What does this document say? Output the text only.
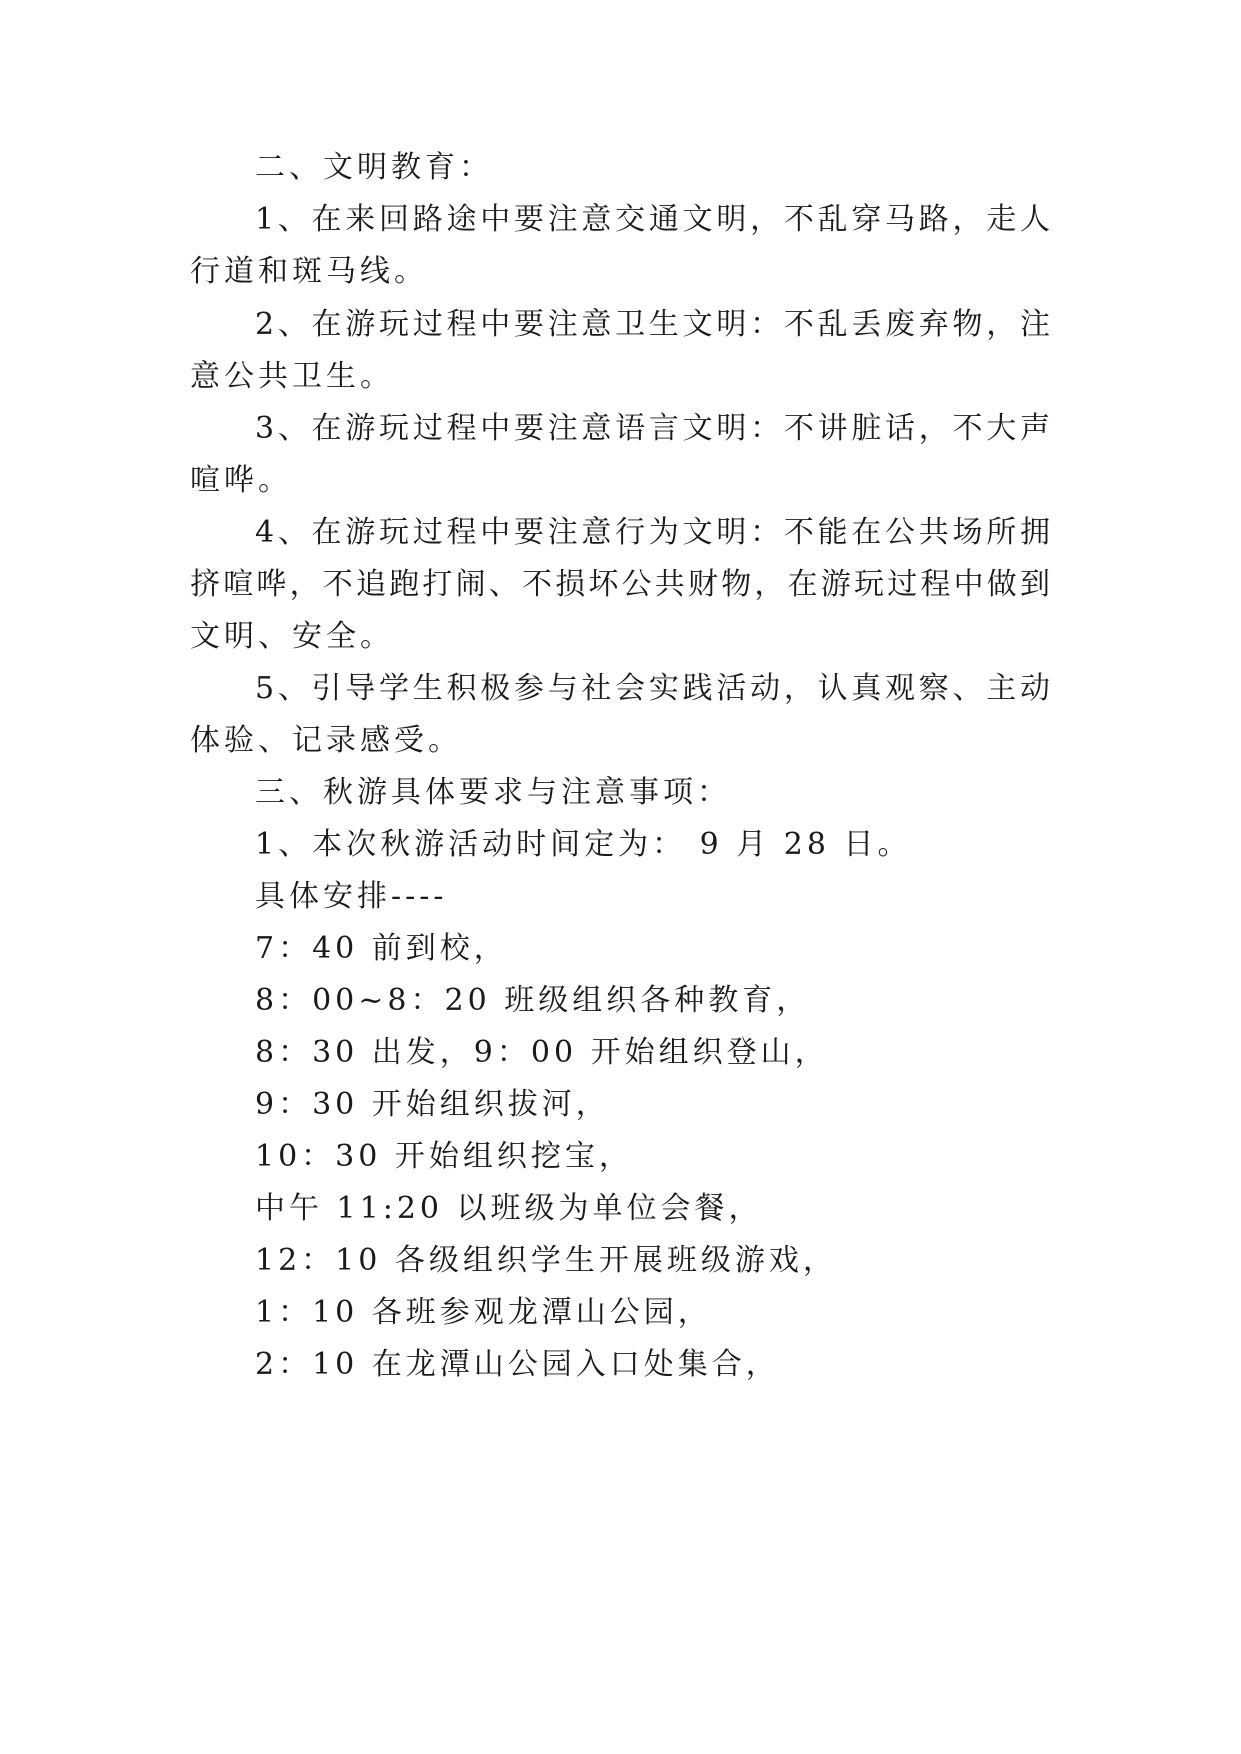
二、文明教育：
1、在来回路途中要注意交通文明，不乱穿马路，走人
行道和斑马线。
2、在游玩过程中要注意卫生文明：不乱丢废弃物，注
意公共卫生。
3、在游玩过程中要注意语言文明：不讲脏话，不大声
喧哗。
4、在游玩过程中要注意行为文明：不能在公共场所拥
挤喧哗，不追跑打闹、不损坏公共财物，在游玩过程中做到
文明、安全。
5、引导学生积极参与社会实践活动，认真观察、主动
体验、记录感受。
三、秋游具体要求与注意事项：
1、本次秋游活动时间定为： 9 月 28 日。
具体安排----
7：40 前到校，
8：00~8：20 班级组织各种教育，
8：30 出发，9：00 开始组织登山，
9：30 开始组织拔河，
10：30 开始组织挖宝，
中午 11:20 以班级为单位会餐，
12：10 各级组织学生开展班级游戏，
1：10 各班参观龙潭山公园，
2：10 在龙潭山公园入口处集合，
